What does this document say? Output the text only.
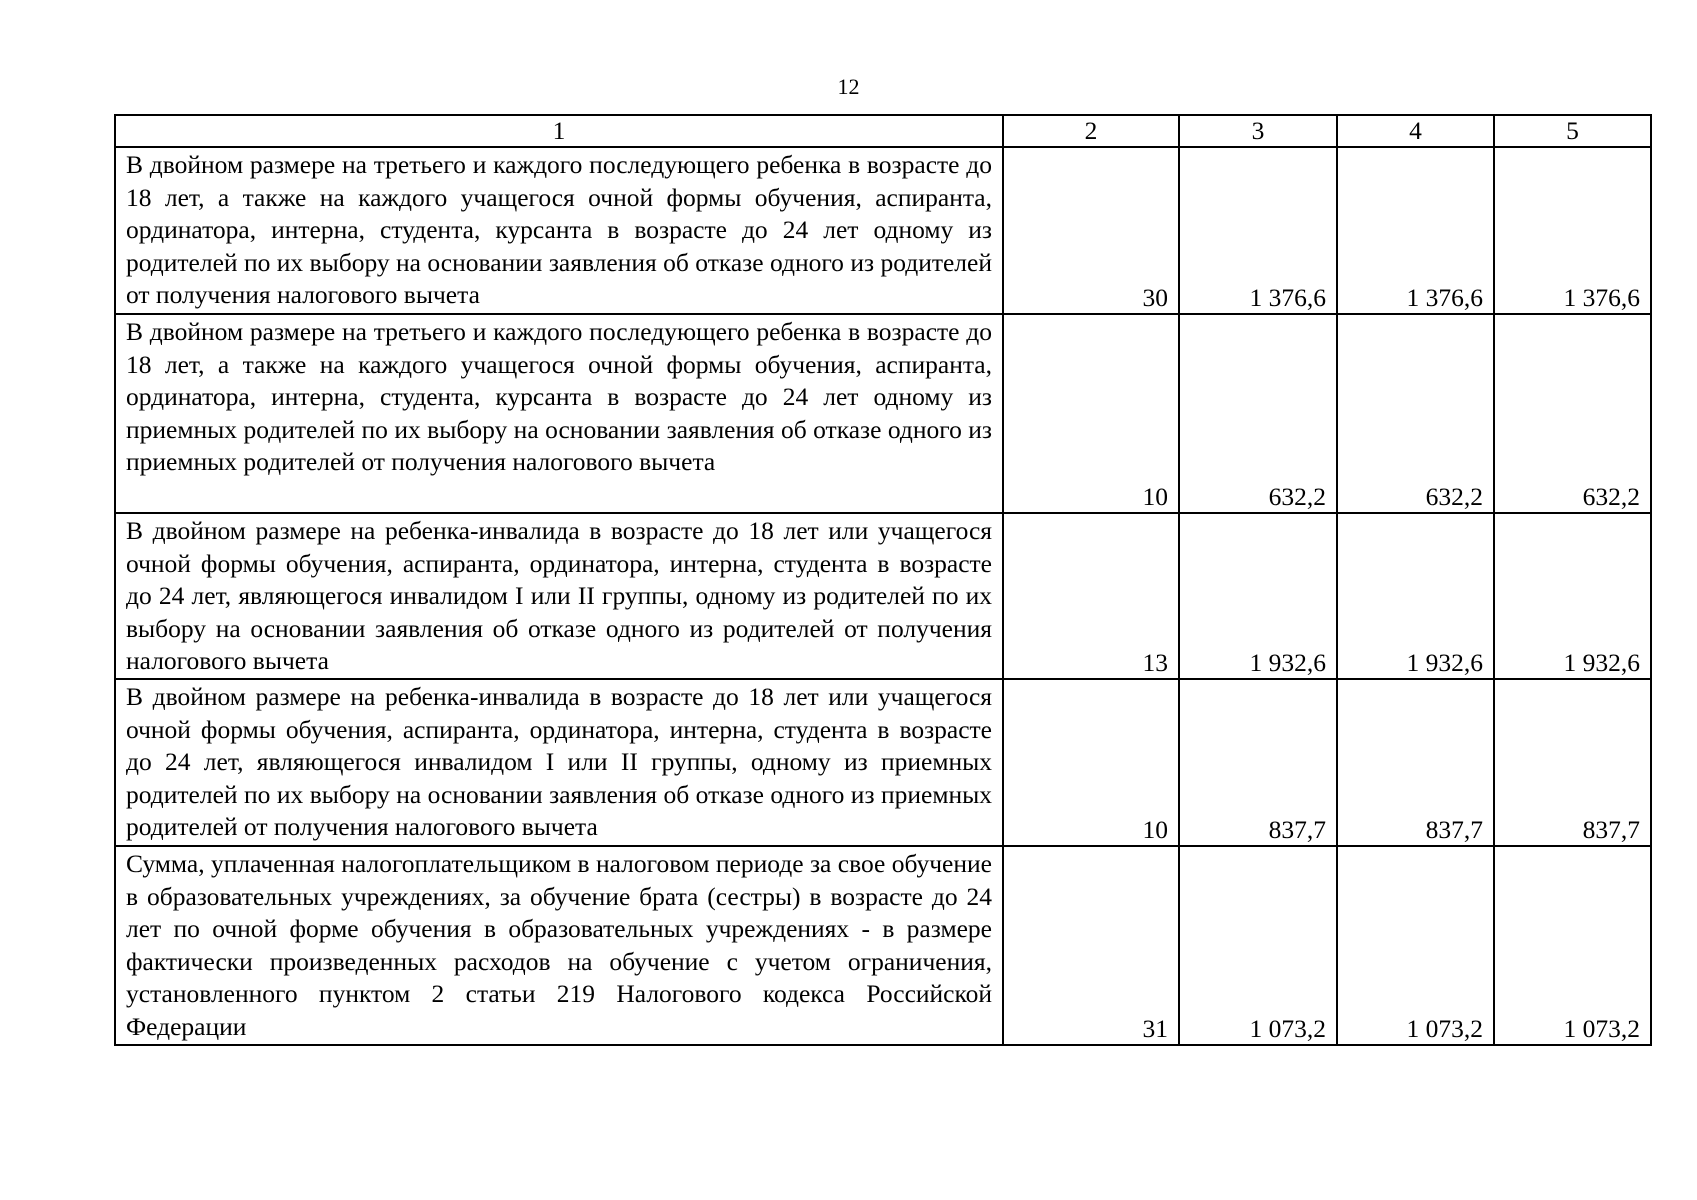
12
1	2	3	4	5
В двойном размере на третьего и каждого последующего ребенка в возрасте до 18 лет, а также на каждого учащегося очной формы обучения, аспиранта, ординатора, интерна, студента, курсанта в возрасте до 24 лет одному из родителей по их выбору на основании заявления об отказе одного из родителей от получения налогового вычета	30	1 376,6	1 376,6	1 376,6
В двойном размере на третьего и каждого последующего ребенка в возрасте до 18 лет, а также на каждого учащегося очной формы обучения, аспиранта, ординатора, интерна, студента, курсанта в возрасте до 24 лет одному из приемных родителей по их выбору на основании заявления об отказе одного из приемных родителей от получения налогового вычета	10	632,2	632,2	632,2
В двойном размере на ребенка-инвалида в возрасте до 18 лет или учащегося очной формы обучения, аспиранта, ординатора, интерна, студента в возрасте до 24 лет, являющегося инвалидом I или II группы, одному из родителей по их выбору на основании заявления об отказе одного из родителей от получения налогового вычета	13	1 932,6	1 932,6	1 932,6
В двойном размере на ребенка-инвалида в возрасте до 18 лет или учащегося очной формы обучения, аспиранта, ординатора, интерна, студента в возрасте до 24 лет, являющегося инвалидом I или II группы, одному из приемных родителей по их выбору на основании заявления об отказе одного из приемных родителей от получения налогового вычета	10	837,7	837,7	837,7
Сумма, уплаченная налогоплательщиком в налоговом периоде за свое обучение в образовательных учреждениях, за обучение брата (сестры) в возрасте до 24 лет по очной форме обучения в образовательных учреждениях - в размере фактически произведенных расходов на обучение с учетом ограничения, установленного пунктом 2 статьи 219 Налогового кодекса Российской Федерации	31	1 073,2	1 073,2	1 073,2
